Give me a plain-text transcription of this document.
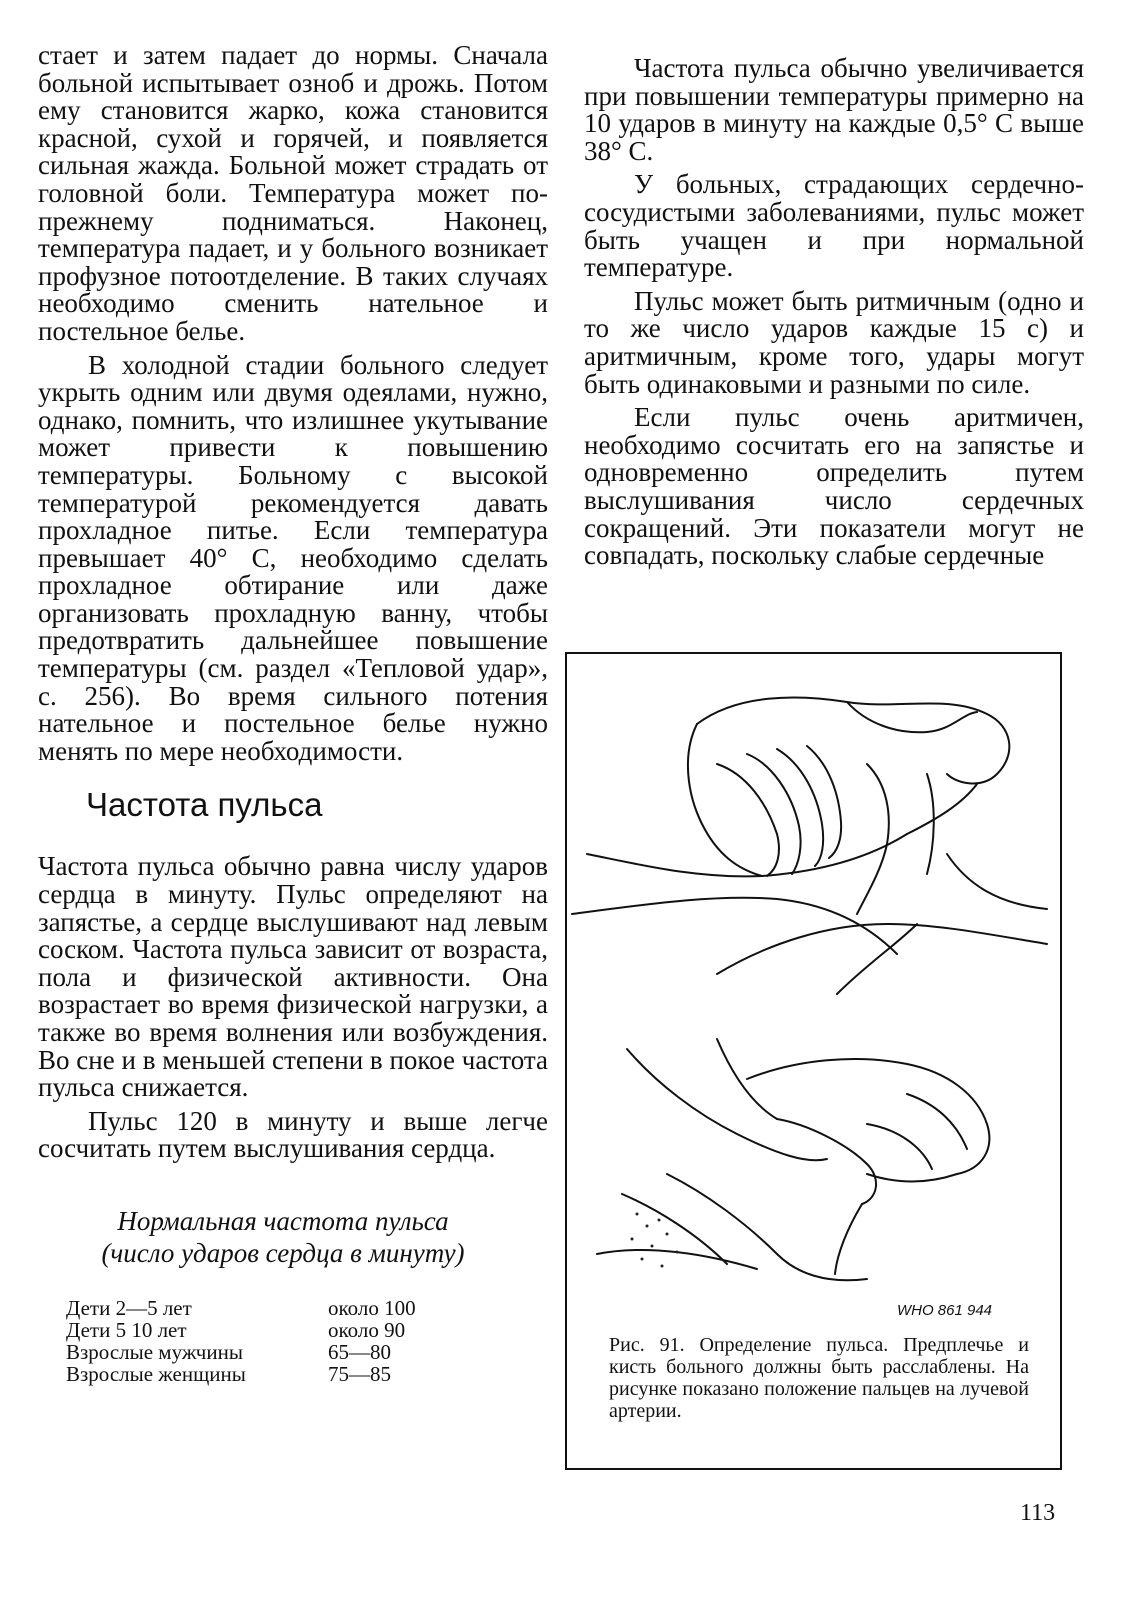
стает и затем падает до нормы. Сначала больной испытывает озноб и дрожь. Потом ему становится жарко, кожа становится красной, сухой и горячей, и появляется сильная жажда. Больной может страдать от головной боли. Температура может по-прежнему подниматься. Наконец, температура падает, и у больного возникает профузное потоотделение. В таких случаях необходимо сменить нательное и постельное белье.

В холодной стадии больного следует укрыть одним или двумя одеялами, нужно, однако, помнить, что излишнее укутывание может привести к повышению температуры. Больному с высокой температурой рекомендуется давать прохладное питье. Если температура превышает 40° С, необходимо сделать прохладное обтирание или даже организовать прохладную ванну, чтобы предотвратить дальнейшее повышение температуры (см. раздел «Тепловой удар», с. 256). Во время сильного потения нательное и постельное белье нужно менять по мере необходимости.

Частота пульса

Частота пульса обычно равна числу ударов сердца в минуту. Пульс определяют на запястье, а сердце выслушивают над левым соском. Частота пульса зависит от возраста, пола и физической активности. Она возрастает во время физической нагрузки, а также во время волнения или возбуждения. Во сне и в меньшей степени в покое частота пульса снижается.

Пульс 120 в минуту и выше легче сосчитать путем выслушивания сердца.

Нормальная частота пульса
(число ударов сердца в минуту)
Дети 2—5 лет	около 100
Дети 5 10 лет	около 90
Взрослые мужчины	65—80
Взрослые женщины	75—85

Частота пульса обычно увеличивается при повышении температуры примерно на 10 ударов в минуту на каждые 0,5° С выше 38° С.

У больных, страдающих сердечно-сосудистыми заболеваниями, пульс может быть учащен и при нормальной температуре.

Пульс может быть ритмичным (одно и то же число ударов каждые 15 с) и аритмичным, кроме того, удары могут быть одинаковыми и разными по силе.

Если пульс очень аритмичен, необходимо сосчитать его на запястье и одновременно определить путем выслушивания число сердечных сокращений. Эти показатели могут не совпадать, поскольку слабые сердечные

WHO 861 944
Рис. 91. Определение пульса. Предплечье и кисть больного должны быть расслаблены. На рисунке показано положение пальцев на лучевой артерии.
113
